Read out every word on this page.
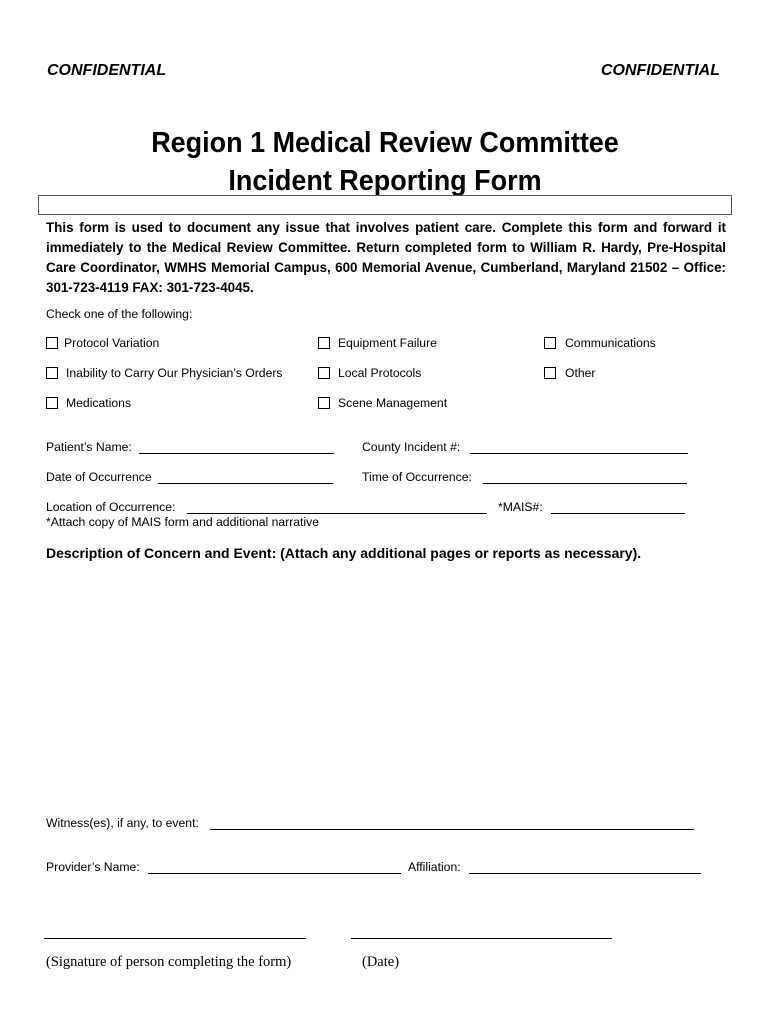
CONFIDENTIAL	CONFIDENTIAL
Region 1 Medical Review Committee
Incident Reporting Form
This form is used to document any issue that involves patient care. Complete this form and forward it immediately to the Medical Review Committee. Return completed form to William R. Hardy, Pre-Hospital Care Coordinator, WMHS Memorial Campus, 600 Memorial Avenue, Cumberland, Maryland 21502 – Office: 301-723-4119 FAX: 301-723-4045.
Check one of the following:
Protocol Variation	Equipment Failure	Communications
Inability to Carry Our Physician’s Orders	Local Protocols	Other
Medications	Scene Management
Patient’s Name:	County Incident #:
Date of Occurrence	Time of Occurrence:
Location of Occurrence:	*MAIS#:
*Attach copy of MAIS form and additional narrative
Description of Concern and Event: (Attach any additional pages or reports as necessary).
Witness(es), if any, to event:
Provider’s Name:	Affiliation:
(Signature of person completing the form)	(Date)
